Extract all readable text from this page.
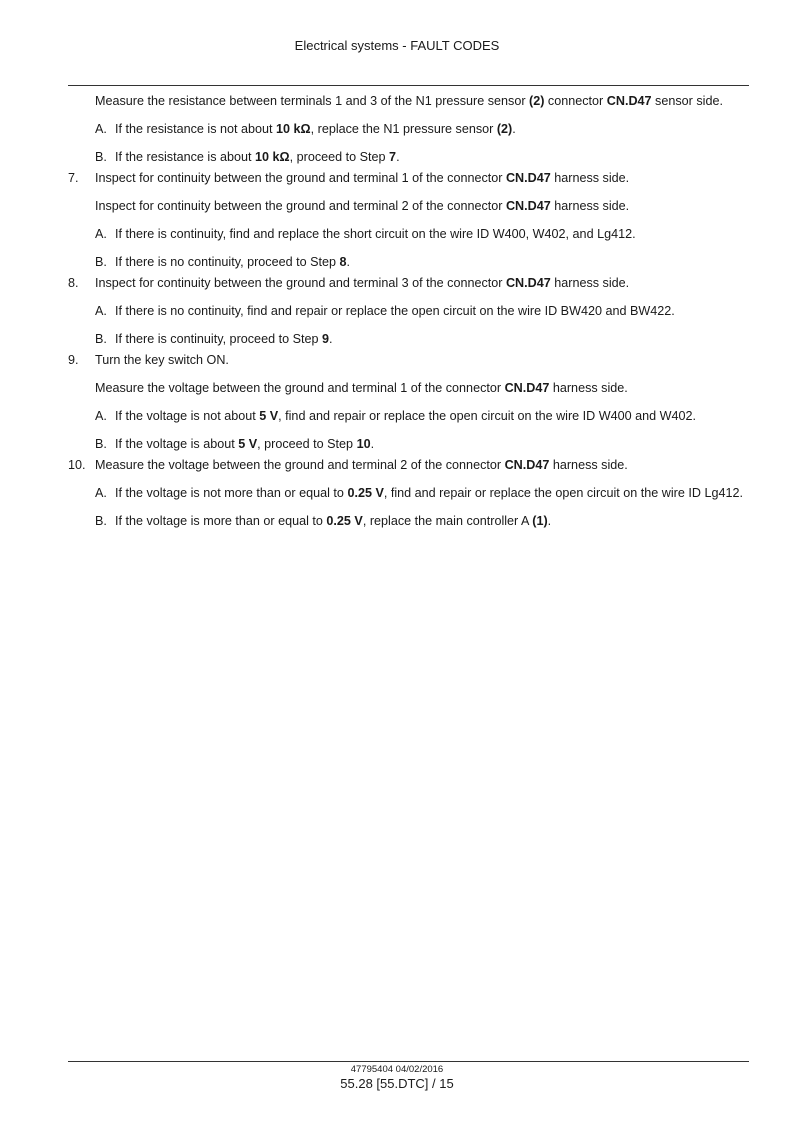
Electrical systems - FAULT CODES

Measure the resistance between terminals 1 and 3 of the N1 pressure sensor (2) connector CN.D47 sensor side.

A. If the resistance is not about 10 kΩ, replace the N1 pressure sensor (2).

B. If the resistance is about 10 kΩ, proceed to Step 7.

7. Inspect for continuity between the ground and terminal 1 of the connector CN.D47 harness side.

Inspect for continuity between the ground and terminal 2 of the connector CN.D47 harness side.

A. If there is continuity, find and replace the short circuit on the wire ID W400, W402, and Lg412.

B. If there is no continuity, proceed to Step 8.

8. Inspect for continuity between the ground and terminal 3 of the connector CN.D47 harness side.

A. If there is no continuity, find and repair or replace the open circuit on the wire ID BW420 and BW422.

B. If there is continuity, proceed to Step 9.

9. Turn the key switch ON.

Measure the voltage between the ground and terminal 1 of the connector CN.D47 harness side.

A. If the voltage is not about 5 V, find and repair or replace the open circuit on the wire ID W400 and W402.

B. If the voltage is about 5 V, proceed to Step 10.

10. Measure the voltage between the ground and terminal 2 of the connector CN.D47 harness side.

A. If the voltage is not more than or equal to 0.25 V, find and repair or replace the open circuit on the wire ID Lg412.

B. If the voltage is more than or equal to 0.25 V, replace the main controller A (1).

47795404 04/02/2016
55.28 [55.DTC] / 15
